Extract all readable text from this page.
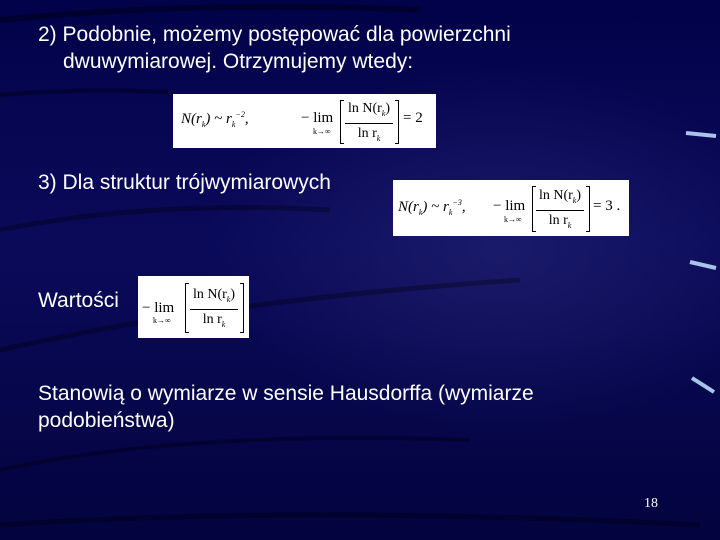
2) Podobnie, możemy postępować dla powierzchni

dwuwymiarowej. Otrzymujemy wtedy:

$N(r_k)$ ~ $r_k^{-2}$,	− lim
k→∞
$\ln N(r_k)$
$\ln r_k$
= 2

3) Dla struktur trójwymiarowych

$N(r_k)$ ~ $r_k^{-3}$, − lim
k→∞
$\ln N(r_k)$
$\ln r_k$
= 3 .

Wartości − lim
k→∞
$\ln N(r_k)$
$\ln r_k$

Stanowią o wymiarze w sensie Hausdorffa (wymiarze

podobieństwa)

18
